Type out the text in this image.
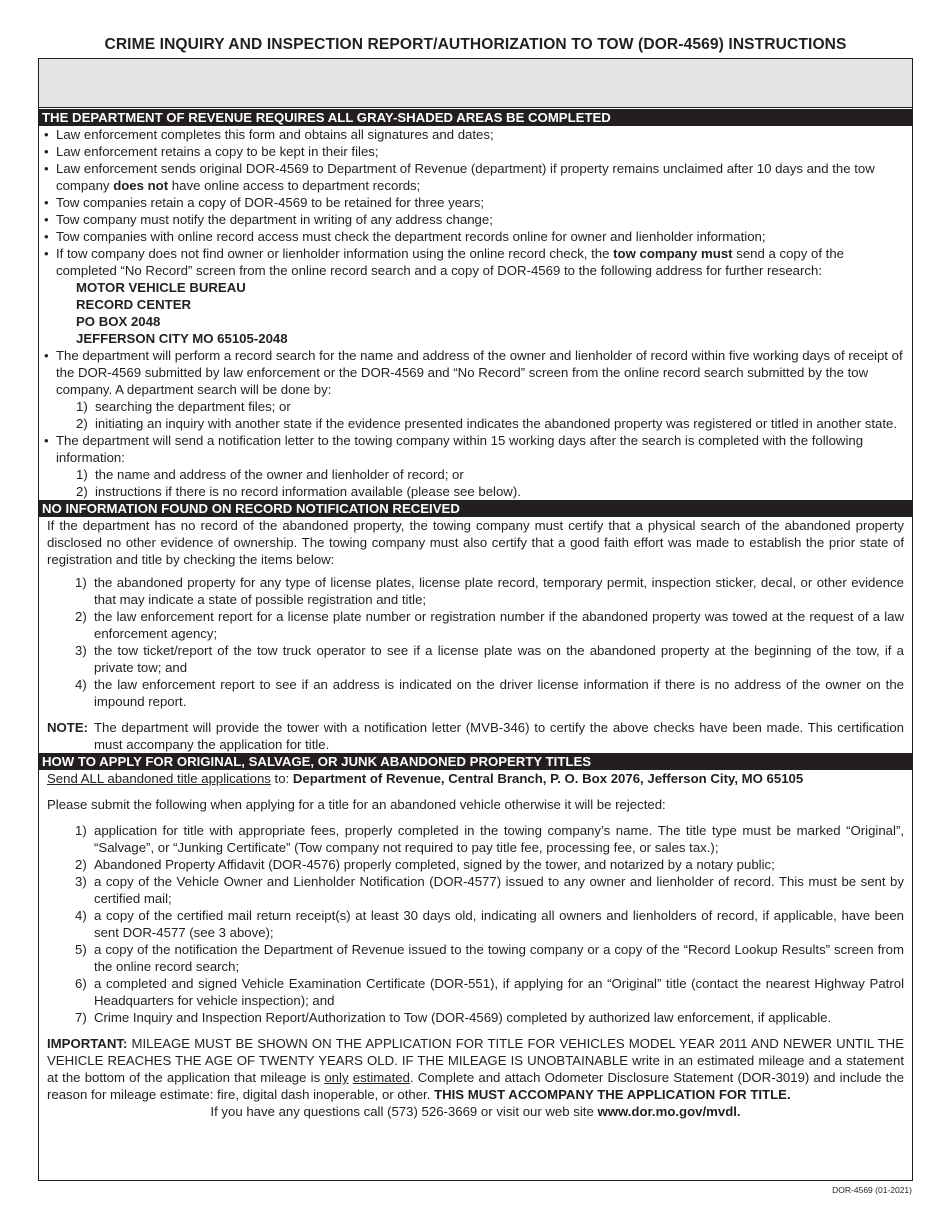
CRIME INQUIRY AND INSPECTION REPORT/AUTHORIZATION TO TOW (DOR-4569) INSTRUCTIONS
THE DEPARTMENT OF REVENUE REQUIRES ALL GRAY-SHADED AREAS BE COMPLETED
• Law enforcement completes this form and obtains all signatures and dates;
• Law enforcement retains a copy to be kept in their files;
• Law enforcement sends original DOR-4569 to Department of Revenue (department) if property remains unclaimed after 10 days and the tow company does not have online access to department records;
• Tow companies retain a copy of DOR-4569 to be retained for three years;
• Tow company must notify the department in writing of any address change;
• Tow companies with online record access must check the department records online for owner and lienholder information;
• If tow company does not find owner or lienholder information using the online record check, the tow company must send a copy of the completed “No Record” screen from the online record search and a copy of DOR-4569 to the following address for further research:
MOTOR VEHICLE BUREAU
RECORD CENTER
PO BOX 2048
JEFFERSON CITY MO 65105-2048
• The department will perform a record search for the name and address of the owner and lienholder of record within five working days of receipt of the DOR-4569 submitted by law enforcement or the DOR-4569 and “No Record” screen from the online record search submitted by the tow company. A department search will be done by:
1) searching the department files; or
2) initiating an inquiry with another state if the evidence presented indicates the abandoned property was registered or titled in another state.
• The department will send a notification letter to the towing company within 15 working days after the search is completed with the following information:
1) the name and address of the owner and lienholder of record; or
2) instructions if there is no record information available (please see below).
NO INFORMATION FOUND ON RECORD NOTIFICATION RECEIVED
If the department has no record of the abandoned property, the towing company must certify that a physical search of the abandoned property disclosed no other evidence of ownership. The towing company must also certify that a good faith effort was made to establish the prior state of registration and title by checking the items below:
1) the abandoned property for any type of license plates, license plate record, temporary permit, inspection sticker, decal, or other evidence that may indicate a state of possible registration and title;
2) the law enforcement report for a license plate number or registration number if the abandoned property was towed at the request of a law enforcement agency;
3) the tow ticket/report of the tow truck operator to see if a license plate was on the abandoned property at the beginning of the tow, if a private tow; and
4) the law enforcement report to see if an address is indicated on the driver license information if there is no address of the owner on the impound report.
NOTE: The department will provide the tower with a notification letter (MVB-346) to certify the above checks have been made. This certification must accompany the application for title.
HOW TO APPLY FOR ORIGINAL, SALVAGE, OR JUNK ABANDONED PROPERTY TITLES
Send ALL abandoned title applications to: Department of Revenue, Central Branch, P. O. Box 2076, Jefferson City, MO 65105
Please submit the following when applying for a title for an abandoned vehicle otherwise it will be rejected:
1) application for title with appropriate fees, properly completed in the towing company’s name. The title type must be marked “Original”, “Salvage”, or “Junking Certificate” (Tow company not required to pay title fee, processing fee, or sales tax.);
2) Abandoned Property Affidavit (DOR-4576) properly completed, signed by the tower, and notarized by a notary public;
3) a copy of the Vehicle Owner and Lienholder Notification (DOR-4577) issued to any owner and lienholder of record. This must be sent by certified mail;
4) a copy of the certified mail return receipt(s) at least 30 days old, indicating all owners and lienholders of record, if applicable, have been sent DOR-4577 (see 3 above);
5) a copy of the notification the Department of Revenue issued to the towing company or a copy of the “Record Lookup Results” screen from the online record search;
6) a completed and signed Vehicle Examination Certificate (DOR-551), if applying for an “Original” title (contact the nearest Highway Patrol Headquarters for vehicle inspection); and
7) Crime Inquiry and Inspection Report/Authorization to Tow (DOR-4569) completed by authorized law enforcement, if applicable.
IMPORTANT: MILEAGE MUST BE SHOWN ON THE APPLICATION FOR TITLE FOR VEHICLES MODEL YEAR 2011 AND NEWER UNTIL THE VEHICLE REACHES THE AGE OF TWENTY YEARS OLD. IF THE MILEAGE IS UNOBTAINABLE write in an estimated mileage and a statement at the bottom of the application that mileage is only estimated. Complete and attach Odometer Disclosure Statement (DOR-3019) and include the reason for mileage estimate: fire, digital dash inoperable, or other. THIS MUST ACCOMPANY THE APPLICATION FOR TITLE.
If you have any questions call (573) 526-3669 or visit our web site www.dor.mo.gov/mvdl.
DOR-4569 (01-2021)
